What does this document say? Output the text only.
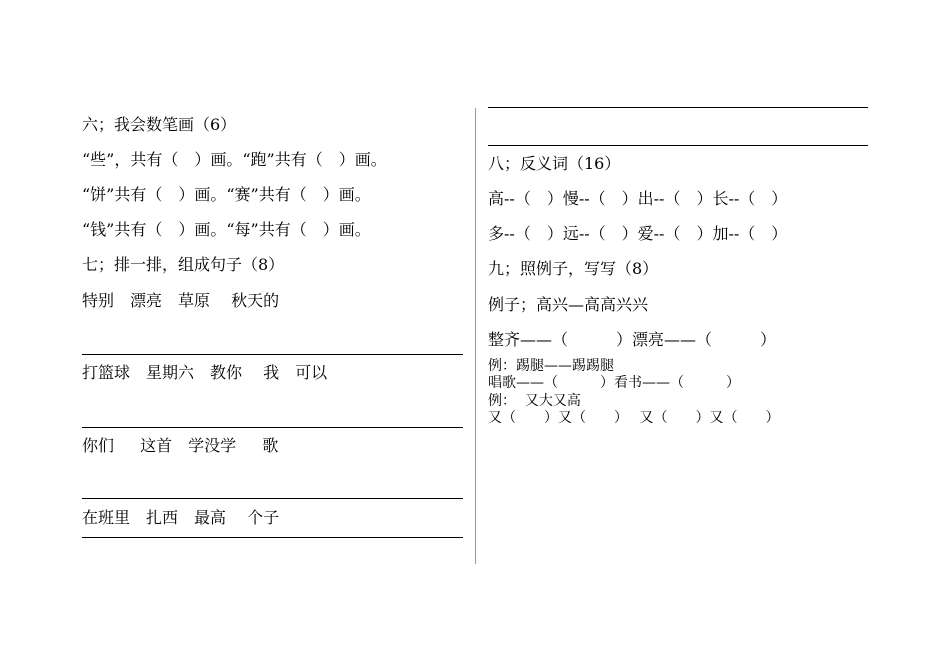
六；我会数笔画（6）
“些”，共有（　）画。“跑”共有（　）画。
“饼”共有（　）画。“赛”共有（　）画。
“钱”共有（　）画。“每”共有（　）画。
七；排一排，组成句子（8）
特别　漂亮　草原　 秋天的
打篮球　星期六　教你　 我　可以
你们　  这首　学没学　  歌
在班里　扎西　最高　 个子
八；反义词（16）
高--（　）慢--（　）出--（　）长--（　）
多--（　）远--（　）爱--（　）加--（　）
九；照例子，写写（8）
例子；高兴—高高兴兴
整齐——（　　　）漂亮——（　　　）
例：踢腿——踢踢腿
唱歌——（　　　）看书——（　　　）
例：  又大又高
又（　　）又（　　）　 又（　　）又（　　）
